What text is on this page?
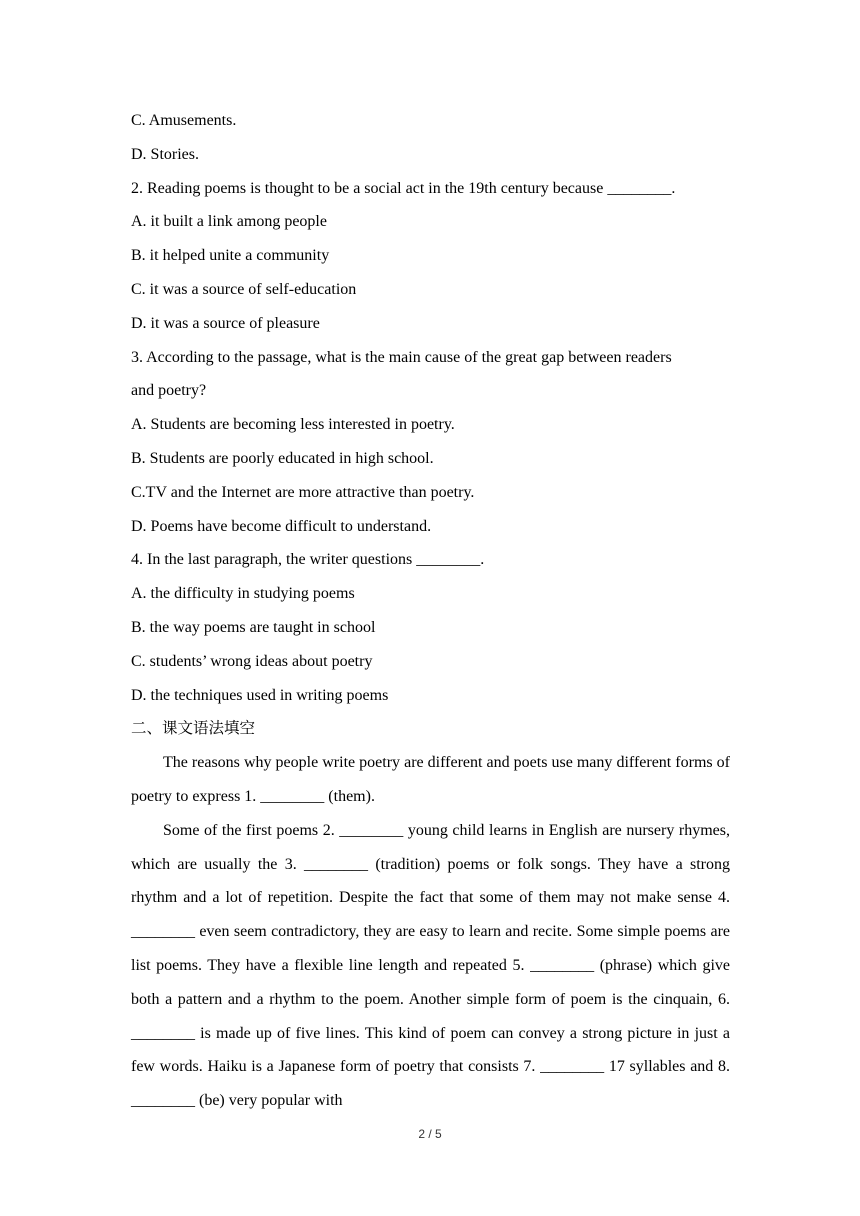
C. Amusements.
D. Stories.
2. Reading poems is thought to be a social act in the 19th century because ________.
A. it built a link among people
B. it helped unite a community
C. it was a source of self-education
D. it was a source of pleasure
3. According to the passage, what is the main cause of the great gap between readers
and poetry?
A. Students are becoming less interested in poetry.
B. Students are poorly educated in high school.
C.TV and the Internet are more attractive than poetry.
D. Poems have become difficult to understand.
4. In the last paragraph, the writer questions ________.
A. the difficulty in studying poems
B. the way poems are taught in school
C. students’ wrong ideas about poetry
D. the techniques used in writing poems
二、课文语法填空

The reasons why people write poetry are different and poets use many different forms of poetry to express 1. ________ (them).

Some of the first poems 2. ________ young child learns in English are nursery rhymes, which are usually the 3. ________ (tradition) poems or folk songs. They have a strong rhythm and a lot of repetition. Despite the fact that some of them may not make sense 4. ________ even seem contradictory, they are easy to learn and recite. Some simple poems are list poems. They have a flexible line length and repeated 5. ________ (phrase) which give both a pattern and a rhythm to the poem. Another simple form of poem is the cinquain, 6. ________ is made up of five lines. This kind of poem can convey a strong picture in just a few words. Haiku is a Japanese form of poetry that consists 7. ________ 17 syllables and 8. ________ (be) very popular with

2 / 5
